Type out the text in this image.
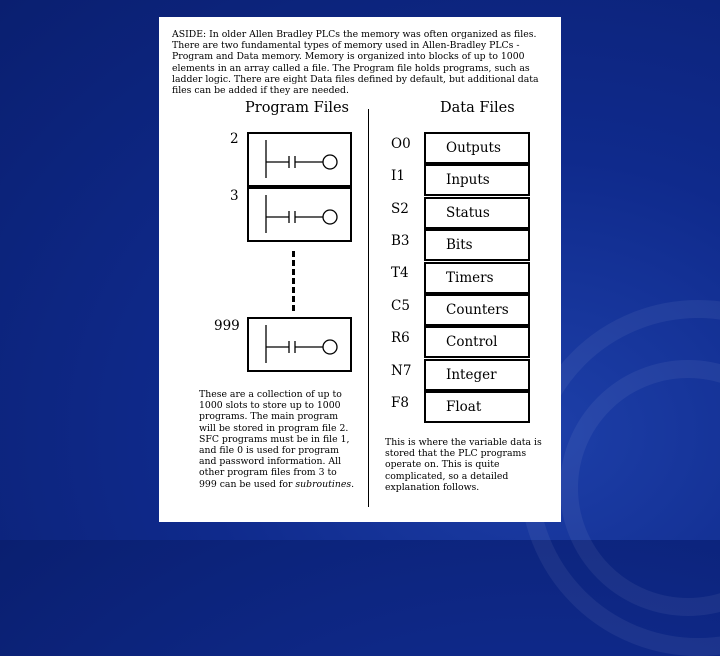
ASIDE: In older Allen Bradley PLCs the memory was often organized as files. There are two fundamental types of memory used in Allen-Bradley PLCs - Program and Data memory. Memory is organized into blocks of up to 1000 elements in an array called a file. The Program file holds programs, such as ladder logic. There are eight Data files defined by default, but additional data files can be added if they are needed.

Program Files	Data Files
2
3
999

These are a collection of up to 1000 slots to store up to 1000 programs. The main program will be stored in program file 2. SFC programs must be in file 1, and file 0 is used for program and password information. All other program files from 3 to 999 can be used for subroutines.

O0	Outputs
I1	Inputs
S2	Status
B3	Bits
T4	Timers
C5	Counters
R6	Control
N7	Integer
F8	Float

This is where the variable data is stored that the PLC programs operate on. This is quite complicated, so a detailed explanation follows.
